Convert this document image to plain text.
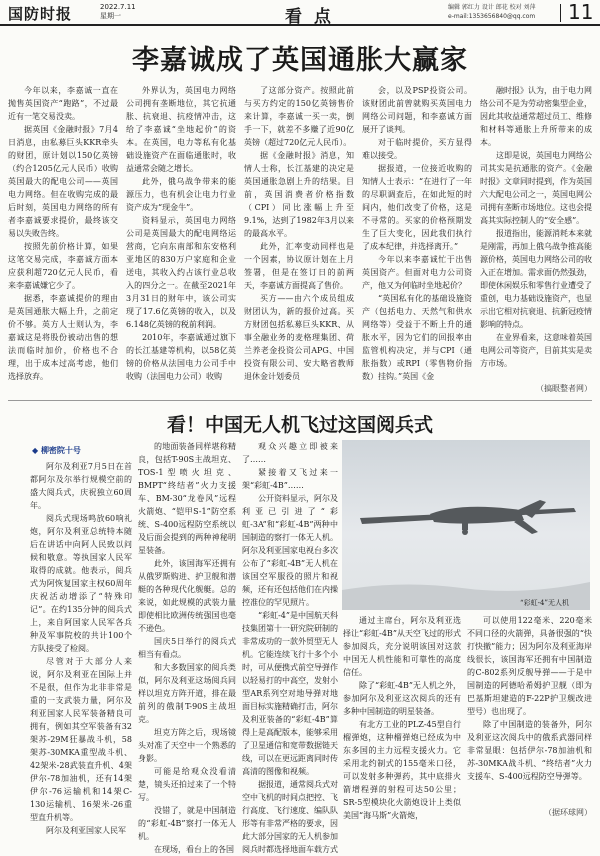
国防时报	2022.7.11
星期一	看 点	编辑 郭红力 设计 郎花 校对 刘萍
e-mail:1353656840@qq.com 11
李嘉诚成了英国通胀大赢家

今年以来，李嘉诚一直在抛售英国资产“跑路”，不过最近有一笔交易没卖。

据英国《金融时报》7月4日消息，由私募巨头KKR牵头的财团，原计划以150亿英镑（约合1205亿元人民币）收购英国最大的配电公司——英国电力网络。但在收购完成的最后时刻，英国电力网络的所有者李嘉诚要求提价，最终该交易以失败告终。

按照先前价格计算，如果这笔交易完成，李嘉诚方面本应获利超720亿元人民币，看来李嘉诚嫌它少了。

据悉，李嘉诚提价的理由是英国通胀大幅上升，之前定价不够。英方人士则认为，李嘉诚这是将股份被动出售的想法而临时加价，价格也不合理，出于成本过高考虑，他们选择放弃。

外界认为，英国电力网络公司拥有垄断地位，其它抗通胀、抗衰退、抗疫情冲击，这给了李嘉诚“坐地起价”的资本。在英国，电力等私有化基础设施资产在面临通胀时，收益通常会随之增长。

此外，俄乌战争带来的能源压力，也有机会让电力行业资产成为“现金牛”。

资料显示，英国电力网络公司是英国最大的配电网络运营商，它向东南部和东安格利亚地区的830万户家庭和企业送电，其收入约占该行业总收入的四分之一。在截至2021年3月31日的财年中，该公司实现了17.6亿英镑的收入，以及6.148亿英镑的税前利润。

2010年，李嘉诚通过旗下的长江基建等机构，以58亿英镑的价格从法国电力公司手中收购（法国电力公司）收购

了这部分资产。按照此前与买方约定的150亿英镑售价来计算，李嘉诚一买一卖，倒手一下，就差不多赚了近90亿英镑（超过720亿元人民币）。

据《金融时报》消息，知情人士称，长江基建的决定是英国通胀急剧上升的结果。目前，英国消费者价格指数（CPI）同比涨幅上升至9.1%，达到了1982年3月以来的最高水平。

此外，汇率变动同样也是一个因素，协议原计划在上月签署，但是在签订日的前两天，李嘉诚方面提高了售价。

买方——由六个成员组成财团认为，新的报价过高。买方财团包括私募巨头KKR、从事全融业务的麦格理集团、荷兰养老金投资公司APG、中国投资有限公司、安大略省教师退休金计划委员

会，以及PSP投资公司。该财团此前曾就购买英国电力网络公司问题，和李嘉诚方面展开了谈判。

对于临时提价，买方显得难以接受。

据报道，一位接近收购的知情人士表示：“在进行了一年的尽职调查后，在如此短的时间内，他们改变了价格，这是不寻常的。买家的价格预期发生了巨大变化，因此我们执行了成本纪律，并选择离开。”

今年以来李嘉诚忙于出售英国资产。但面对电力公司资产，他又为何临时坐地起价？

“英国私有化的基础设施资产（包括电力、天然气和供水网络等）受益于不断上升的通胀水平，因为它们的回报率由监管机构决定，并与CPI（通胀指数）或RPI（零售物价指数）挂钩。”英国《金

融时报》认为，由于电力网络公司不是为劳动密集型企业，因此其收益通常超过员工、维修和材料等通胀上升所带来的成本。

这即是说，英国电力网络公司其实是抗通胀的资产。《金融时报》文章同时提到，作为英国六大配电公司之一，英国电网公司拥有垄断市场地位。这也会提高其实际控制人的“安全感”。

报道指出，能源消耗本来就是刚需，再加上俄乌战争推高能源价格，英国电力网络公司的收入正在增加。需求面仍然强劲，即使休闲娱乐和零售行业遭受了重创，电力基础设施资产，也显示出它相对抗衰退、抗新冠疫情影响的特点。

在业界看来，这意味着英国电网公司等资产，目前其实是卖方市场。

（搞眼整者网）

看！中国无人机飞过这国阅兵式
◆ 柳密院十号

阿尔及利亚7月5日在首都阿尔及尔举行规模空前的盛大阅兵式，庆祝独立60周年。

阅兵式现场鸣放60响礼炮，阿尔及利亚总统特本随后在讲话中向阿人民致以问候和敬意。等执国家人民军取得的成就。他表示，阅兵式为阿恢复国家主权60周年庆祝活动增添了“特殊印记”。在约135分钟的阅兵式上，来自阿国家人民军各兵种及军事院校的共计100个方队接受了检阅。

尽管对于大部分人来说，阿尔及利亚在国际上并不是很，但作为北非非常是重的一支武装力量，阿尔及利亚国家人民军装备精良可拥有，例如其空军装备有32架苏-29M狂暴战斗机，58架苏-30MKA重型战斗机、42架米-28武装直升机、4架伊尔-78加油机，还有14架伊尔-76运输机和14架C-130运输机、16架米-26重型直升机等。

阿尔及利亚国家人民军

的地面装备同样堪称精良，包括T-90S主战坦克、TOS-1型喷火坦克、BMPT“终结者”火力支援车、BM-30“龙卷风”远程火箭炮、“铠甲S-1”防空系统、S-400远程防空系统以及后面会提到的两种神秘明星装备。

此外，该国海军还拥有从俄罗斯购进、护卫舰和潜艇的各种现代化舰艇。总的来说，如此规模的武装力量即使相比欧洲传统强国也毫不逊色。

国庆5日举行的阅兵式相当有看点。

和大多数国家的阅兵类似，阿尔及利亚这场阅兵同样以坦克方阵开道，排在最前列的俄制T-90S主战坦克。

坦克方阵之后，现场镜头对准了天空中一个熟悉的身影。

可能是给观众没看清楚，镜头还拍过来了一个特写。

没错了，就是中国制造的“彩虹-4B”察打一体无人机。

在现场，看台上的各国

观众兴趣立即被来了……

紧接着又飞过来一架“彩虹-4B”……

公开资料显示，阿尔及利亚已引进了“彩虹-3A”和“彩虹-4B”两种中国制造的察打一体无人机。阿尔及利亚国家电视台多次公布了“彩虹-4B”无人机在该国空军服役的照片和视频，还有还包括他们在内操控准位的罕见照片。

“彩虹-4”是中国航天科技集团第十一研究院研制的非常成功的一款外贸型无人机。它能连续飞行十多个小时，可从便携式前空导弹作以轻易打的中高空，发射小型AR系列空对地导弹对地面目标实施精确打击，阿尔及利亚装备的“彩虹-4B”算得上是高配版本，能够采用了卫星通信和宽带数据链天线，可以在更远距离同时传高清的图像和视频。

据报道，通常阅兵式对空中飞机的时间点把控、飞行高度、飞行速度、编队队形等有非常严格的要求，因此大部分国家的无人机参加阅兵时都选择地面车载方式

通过主席台，阿尔及利亚选择让“彩虹-4B”从天空飞过的形式参加阅兵，充分说明该国对这款中国无人机性能和可靠性的高度信任。

除了“彩虹-4B”无人机之外，参加阿尔及利亚这次阅兵的还有多种中国制造的明星装备。

有北方工业的PLZ-45型自行榴弹炮，这种榴弹炮已经成为中东多国的主力远程支援火力。它采用北约制式的155毫米口径，可以发射多种弹药，其中底排火箭增程弹的射程可达50公里；SR-5型模块化火箭炮设计上类似美国“海马斯”火箭炮，

可以使用122毫米、220毫米不同口径的火箭弹，具备很强的“快打快撤”能力；因为阿尔及利亚海岸线很长，该国海军还拥有中国制造的C-802系列反舰导弹——于是中国制造的阿德哈希姆护卫舰（即为巴基斯坦建造的F-22P护卫舰改进型号）也出现了。

除了中国制造的装备外，阿尔及利亚这次阅兵中的俄系武器同样非常显眼：包括伊尔-78加油机和苏-30MKA战斗机、“终结者”火力支援车、S-400远程防空导弹等。

（据环球网）

“彩虹-4”无人机
